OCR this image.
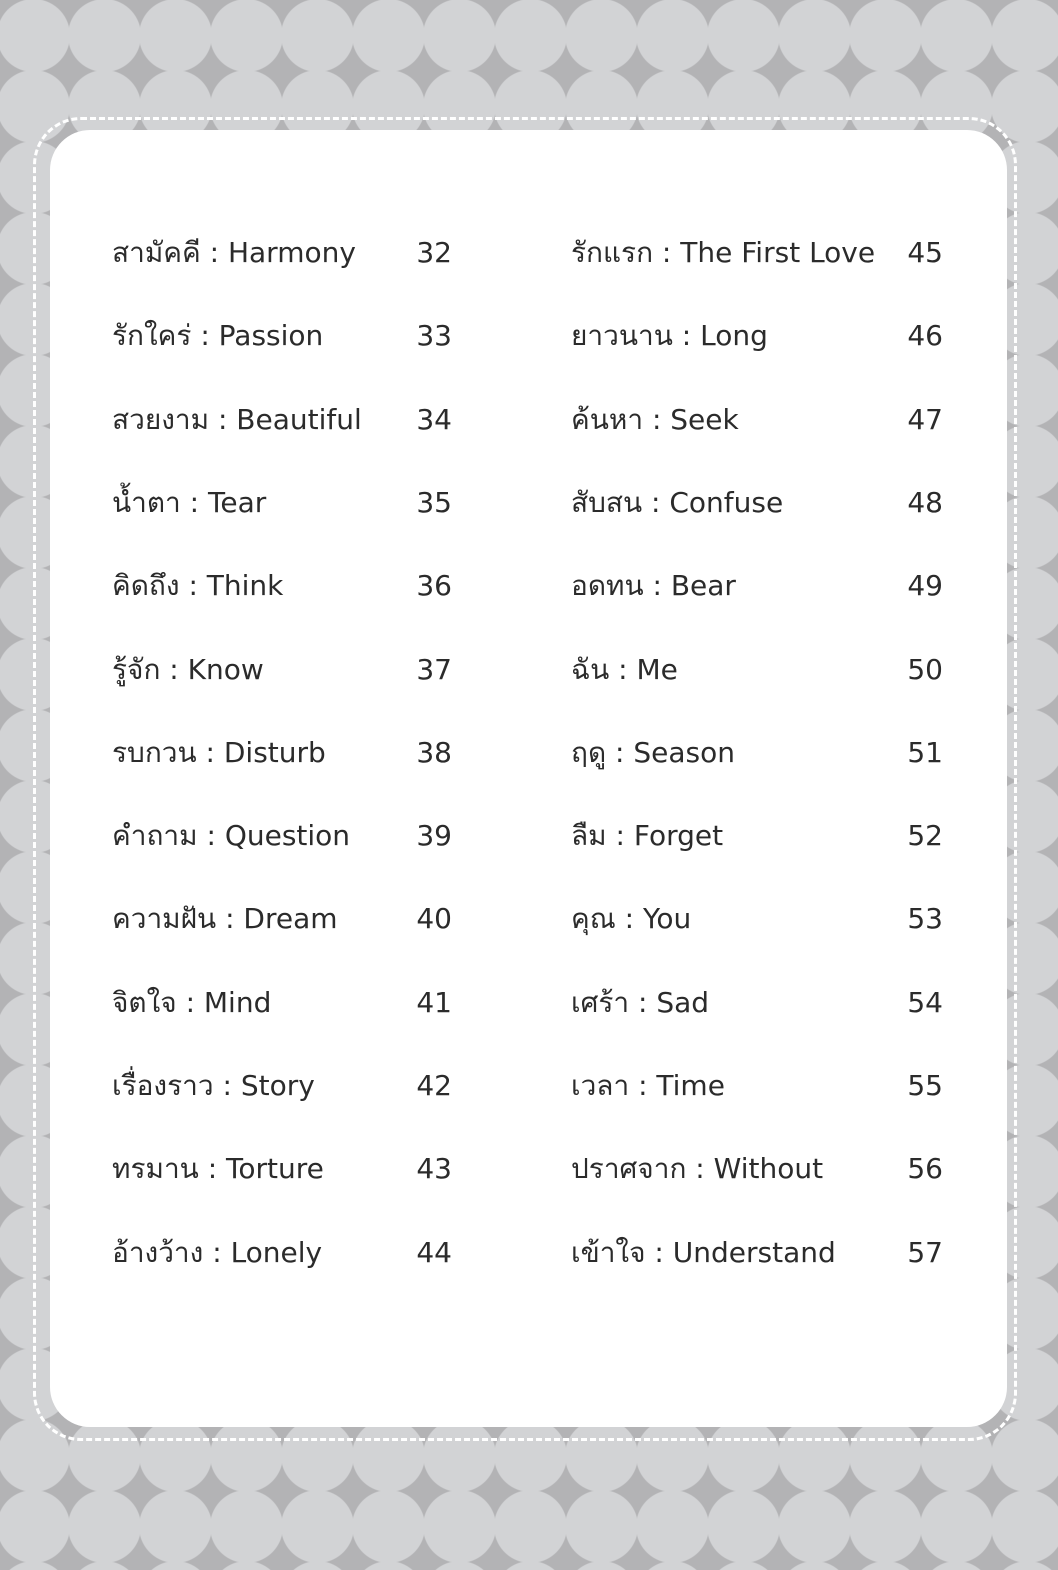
สามัคคี : Harmony 32
รักใคร่ : Passion	33
สวยงาม : Beautiful 34
น้ำตา : Tear	35
คิดถึง : Think	36
รู้จัก : Know	37
รบกวน : Disturb	38
คำถาม : Question 39
ความฝัน : Dream	40
จิตใจ : Mind	41
เรื่องราว : Story	42
ทรมาน : Torture	43
อ้างว้าง : Lonely	44
รักแรก : The First Love 45
ยาวนาน : Long	46
ค้นหา : Seek	47
สับสน : Confuse	48
อดทน : Bear	49
ฉัน : Me	50
ฤดู : Season	51
ลืม : Forget	52
คุณ : You	53
เศร้า : Sad	54
เวลา : Time	55
ปราศจาก : Without	56
เข้าใจ : Understand	57
